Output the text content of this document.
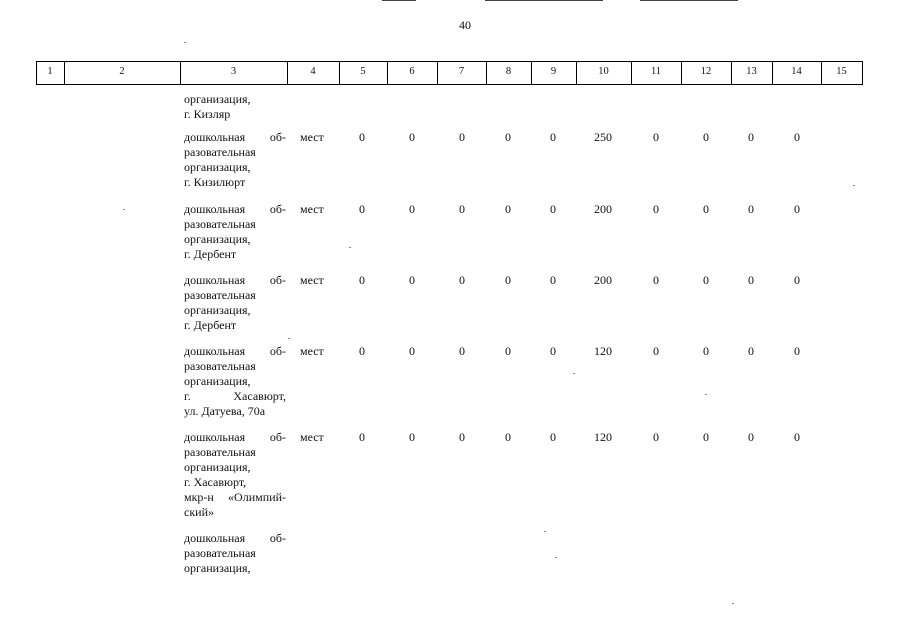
40
1	2	3	4	5	6	7	8	9	10	11	12	13	14	15
организация,
г. Кизляр
дошкольная об-
разовательная
организация,
г. Кизилюрт
мест	0	0	0	0	0	250	0	0	0	0
дошкольная об-
разовательная
организация,
г. Дербент
мест	0	0	0	0	0	200	0	0	0	0
дошкольная об-
разовательная
организация,
г. Дербент
мест	0	0	0	0	0	200	0	0	0	0
дошкольная об-
разовательная
организация,
г. Хасавюрт,
ул. Датуева, 70а
мест	0	0	0	0	0	120	0	0	0	0
дошкольная об-
разовательная
организация,
г. Хасавюрт,
мкр-н «Олимпий-
ский»
мест	0	0	0	0	0	120	0	0	0	0
дошкольная об-
разовательная
организация,
